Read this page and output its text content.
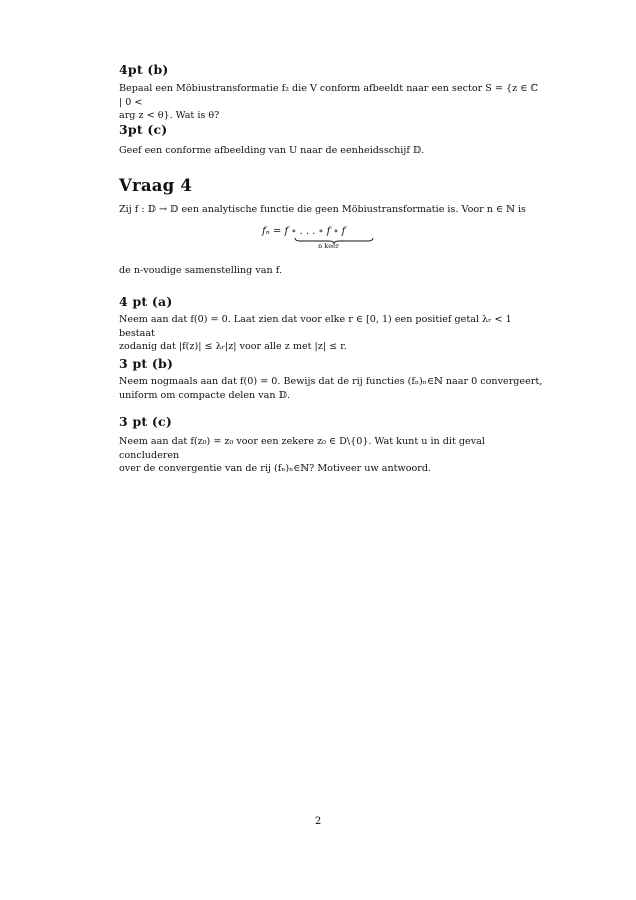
4pt (b)
Bepaal een Möbiustransformatie f₂ die V conform afbeeldt naar een sector S = {z ∈ ℂ | 0 <
arg z < θ}. Wat is θ?
3pt (c)
Geef een conforme afbeelding van U naar de eenheidsschijf 𝔻.
Vraag 4
Zij f : 𝔻 → 𝔻 een analytische functie die geen Möbiustransformatie is. Voor n ∈ ℕ is
fₙ = f ∘ . . . ∘ f ∘ f
n keer
de n-voudige samenstelling van f.
4 pt (a)
Neem aan dat f(0) = 0. Laat zien dat voor elke r ∈ [0, 1) een positief getal λᵣ < 1 bestaat
zodanig dat |f(z)| ≤ λᵣ|z| voor alle z met |z| ≤ r.
3 pt (b)
Neem nogmaals aan dat f(0) = 0. Bewijs dat de rij functies (fₙ)ₙ∈ℕ naar 0 convergeert,
uniform om compacte delen van 𝔻.
3 pt (c)
Neem aan dat f(z₀) = z₀ voor een zekere z₀ ∈ D\{0}. Wat kunt u in dit geval concluderen
over de convergentie van de rij (fₙ)ₙ∈ℕ? Motiveer uw antwoord.
2
